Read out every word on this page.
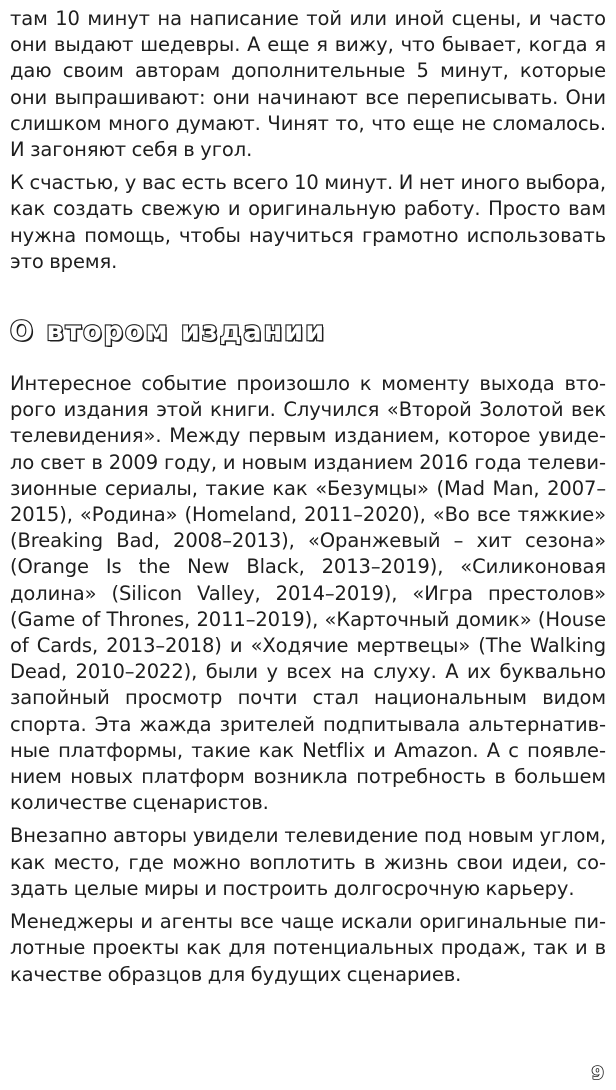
там 10 минут на написание той или иной сцены, и часто они выдают шедевры. А еще я вижу, что бывает, когда я даю своим авторам дополнительные 5 минут, которые они выпрашивают: они начинают все переписывать. Они слишком много думают. Чинят то, что еще не сломалось. И загоняют себя в угол.

К счастью, у вас есть всего 10 минут. И нет иного выбора, как создать свежую и оригинальную работу. Просто вам нужна помощь, чтобы научиться грамотно использовать это время.

О втором издании

Интересное событие произошло к моменту выхода второго издания этой книги. Случился «Второй Золотой век телевидения». Между первым изданием, которое увидело свет в 2009 году, и новым изданием 2016 года телевизионные сериалы, такие как «Безумцы» (Mad Man, 2007–2015), «Родина» (Homeland, 2011–2020), «Во все тяжкие» (Breaking Bad, 2008–2013), «Оранжевый – хит сезона» (Orange Is the New Black, 2013–2019), «Силиконовая долина» (Silicon Valley, 2014–2019), «Игра престолов» (Game of Thrones, 2011–2019), «Карточный домик» (House of Cards, 2013–2018) и «Ходячие мертвецы» (The Walking Dead, 2010–2022), были у всех на слуху. А их буквально запойный просмотр почти стал национальным видом спорта. Эта жажда зрителей подпитывала альтернативные платформы, такие как Netflix и Amazon. А с появлением новых платформ возникла потребность в большем количестве сценаристов.

Внезапно авторы увидели телевидение под новым углом, как место, где можно воплотить в жизнь свои идеи, создать целые миры и построить долгосрочную карьеру.

Менеджеры и агенты все чаще искали оригинальные пилотные проекты как для потенциальных продаж, так и в качестве образцов для будущих сценариев.

9
